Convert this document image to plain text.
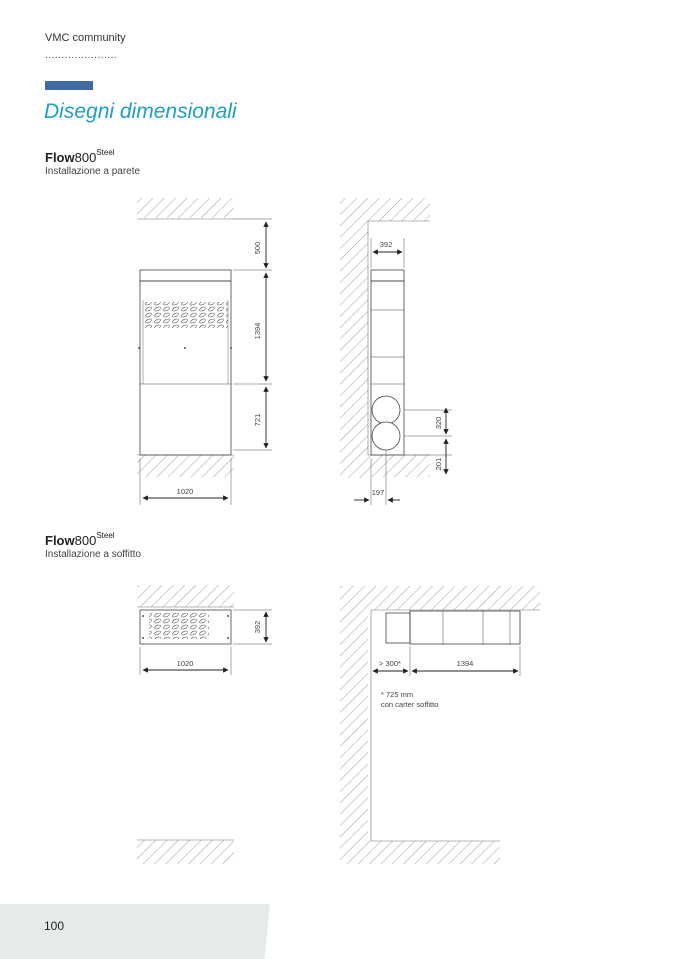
VMC community
......................
Disegni dimensionali
$Flow800^{Steel}$
Installazione a parete
$Flow800^{Steel}$
Installazione a soffitto
500
1394
721
1020
392
320
201
197
392
1020	> 300*	1394
* 725 mm
con carter soffitto
100
